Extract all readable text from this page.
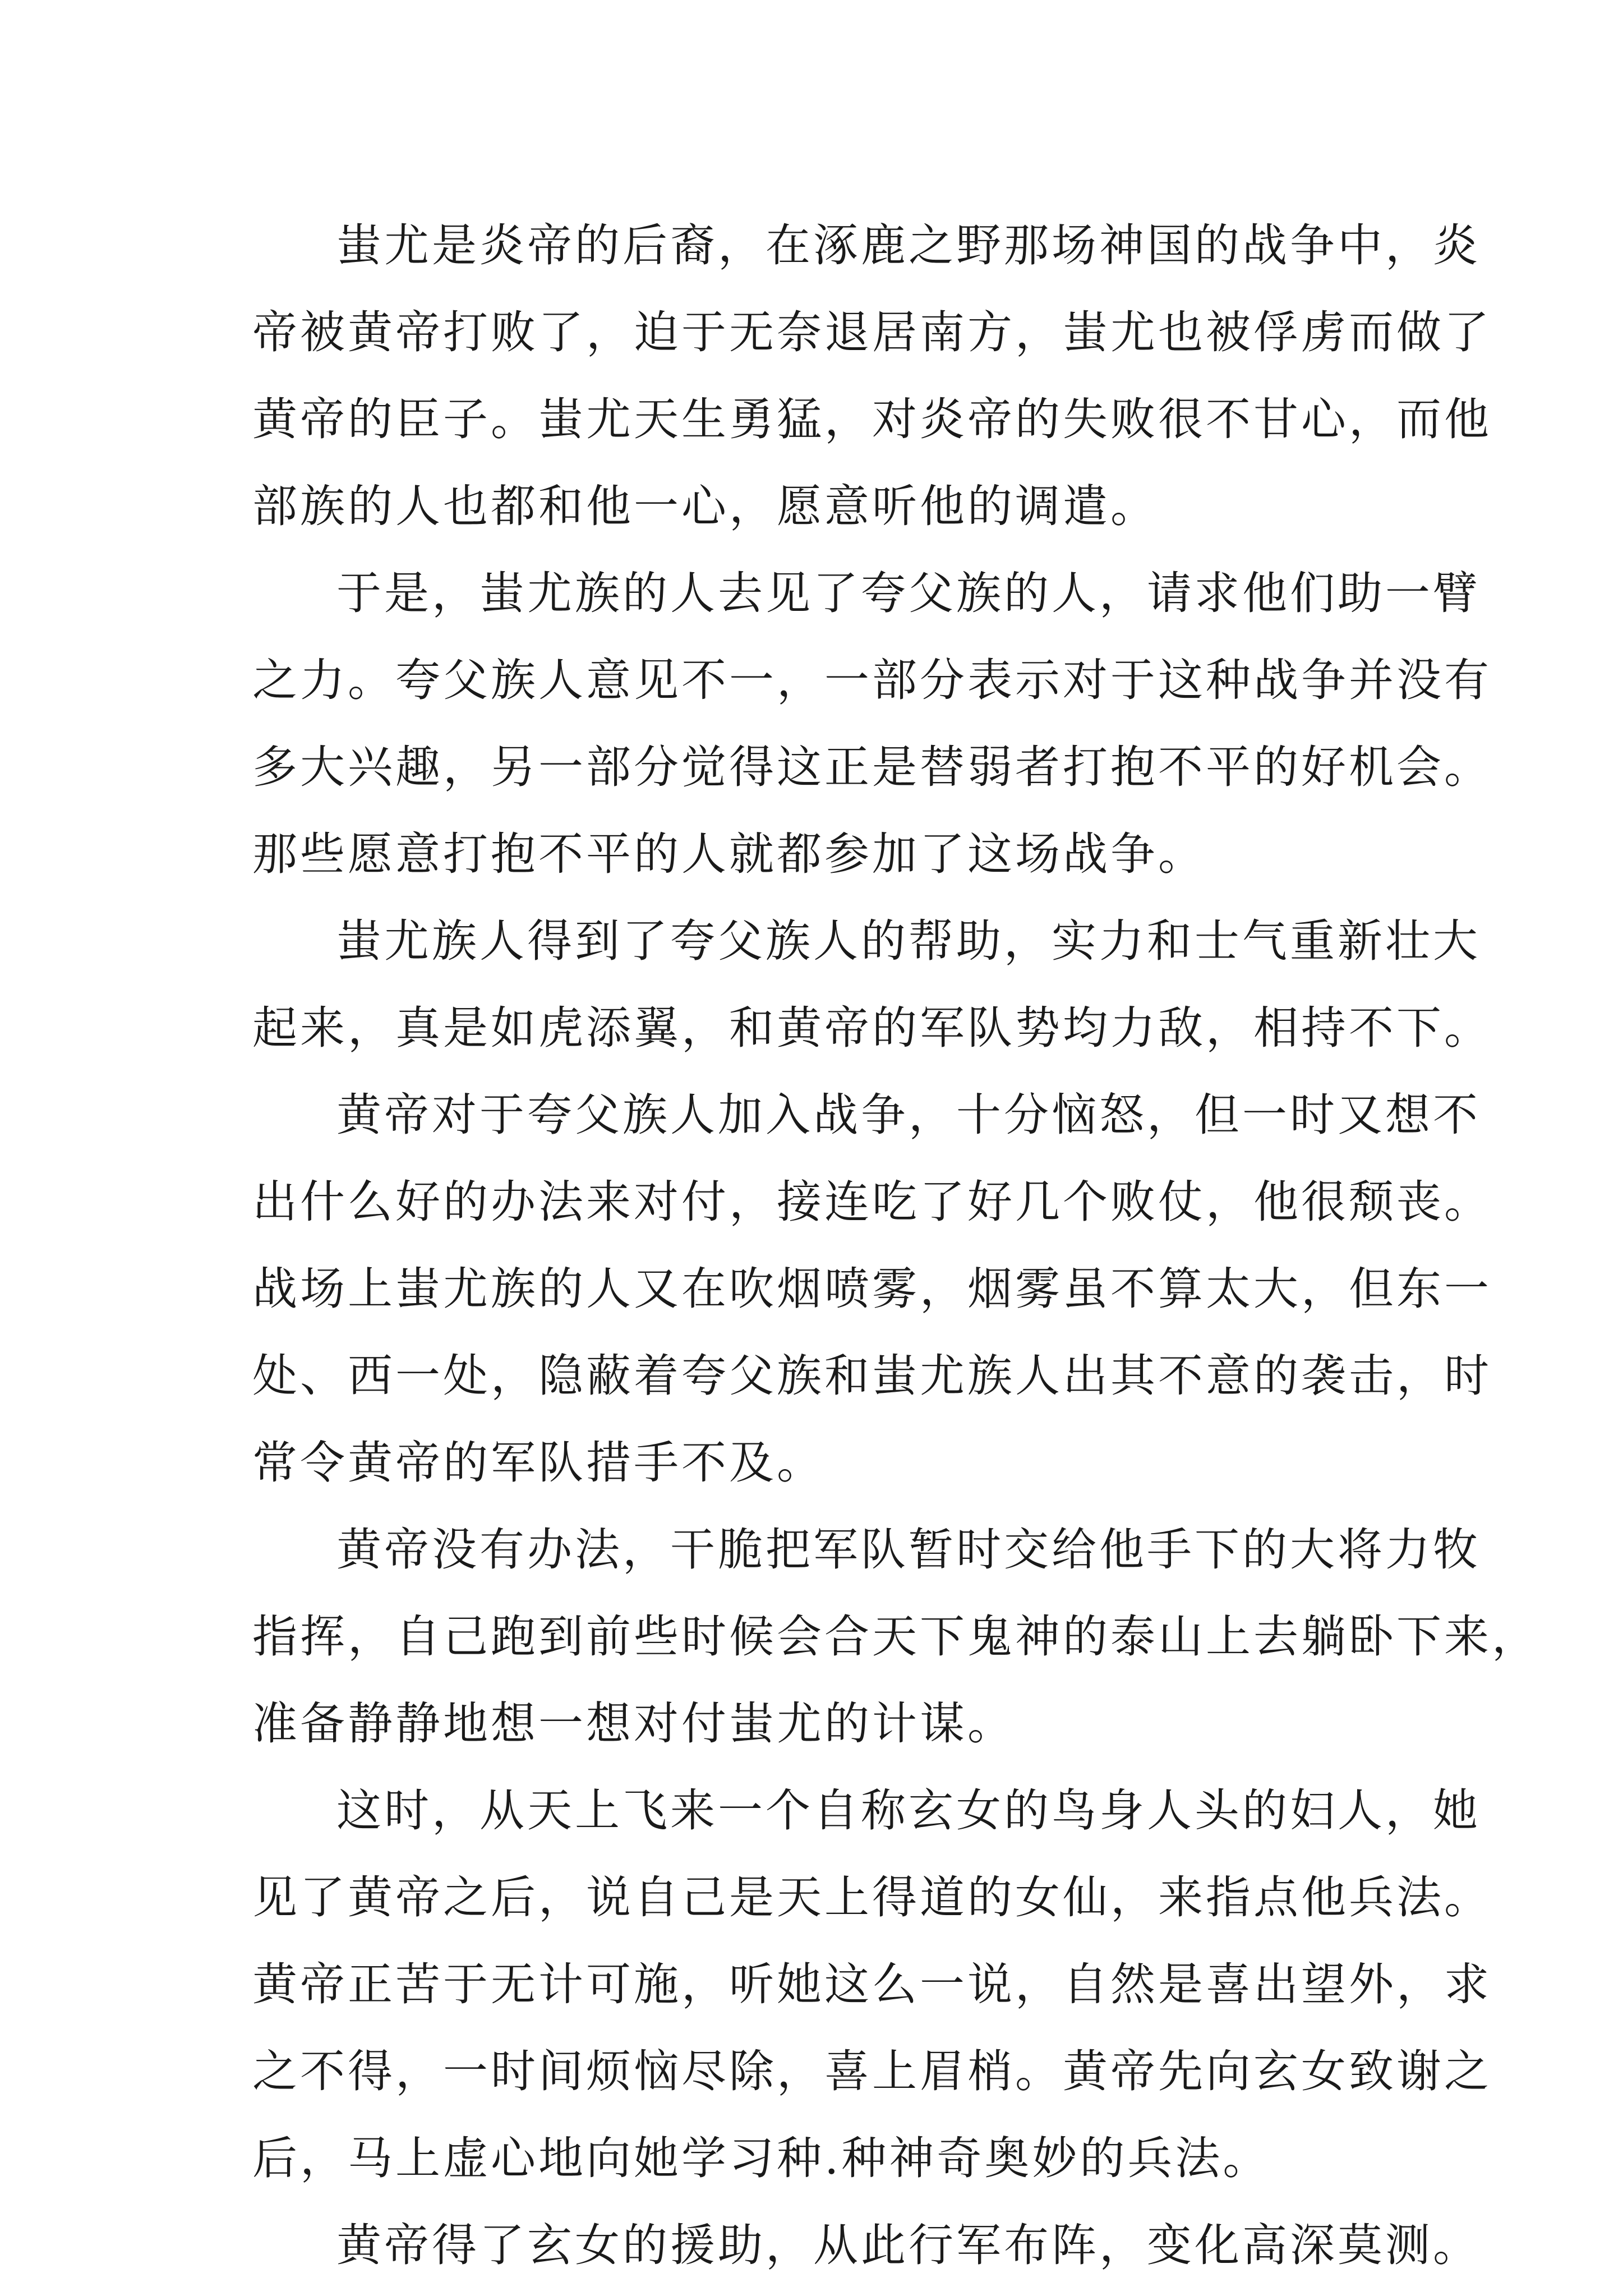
蚩尤是炎帝的后裔，在涿鹿之野那场神国的战争中，炎
帝被黄帝打败了，迫于无奈退居南方，蚩尤也被俘虏而做了
黄帝的臣子。蚩尤天生勇猛，对炎帝的失败很不甘心，而他
部族的人也都和他一心，愿意听他的调遣。
于是，蚩尤族的人去见了夸父族的人，请求他们助一臂
之力。夸父族人意见不一，一部分表示对于这种战争并没有
多大兴趣，另一部分觉得这正是替弱者打抱不平的好机会。
那些愿意打抱不平的人就都参加了这场战争。
蚩尤族人得到了夸父族人的帮助，实力和士气重新壮大
起来，真是如虎添翼，和黄帝的军队势均力敌，相持不下。
黄帝对于夸父族人加入战争，十分恼怒，但一时又想不
出什么好的办法来对付，接连吃了好几个败仗，他很颓丧。
战场上蚩尤族的人又在吹烟喷雾，烟雾虽不算太大，但东一
处、西一处，隐蔽着夸父族和蚩尤族人出其不意的袭击，时
常令黄帝的军队措手不及。
黄帝没有办法，干脆把军队暂时交给他手下的大将力牧
指挥，自己跑到前些时候会合天下鬼神的泰山上去躺卧下来，
准备静静地想一想对付蚩尤的计谋。
这时，从天上飞来一个自称玄女的鸟身人头的妇人，她
见了黄帝之后，说自己是天上得道的女仙，来指点他兵法。
黄帝正苦于无计可施，听她这么一说，自然是喜出望外，求
之不得，一时间烦恼尽除，喜上眉梢。黄帝先向玄女致谢之
后，马上虚心地向她学习种.种神奇奥妙的兵法。
黄帝得了玄女的援助，从此行军布阵，变化高深莫测。
